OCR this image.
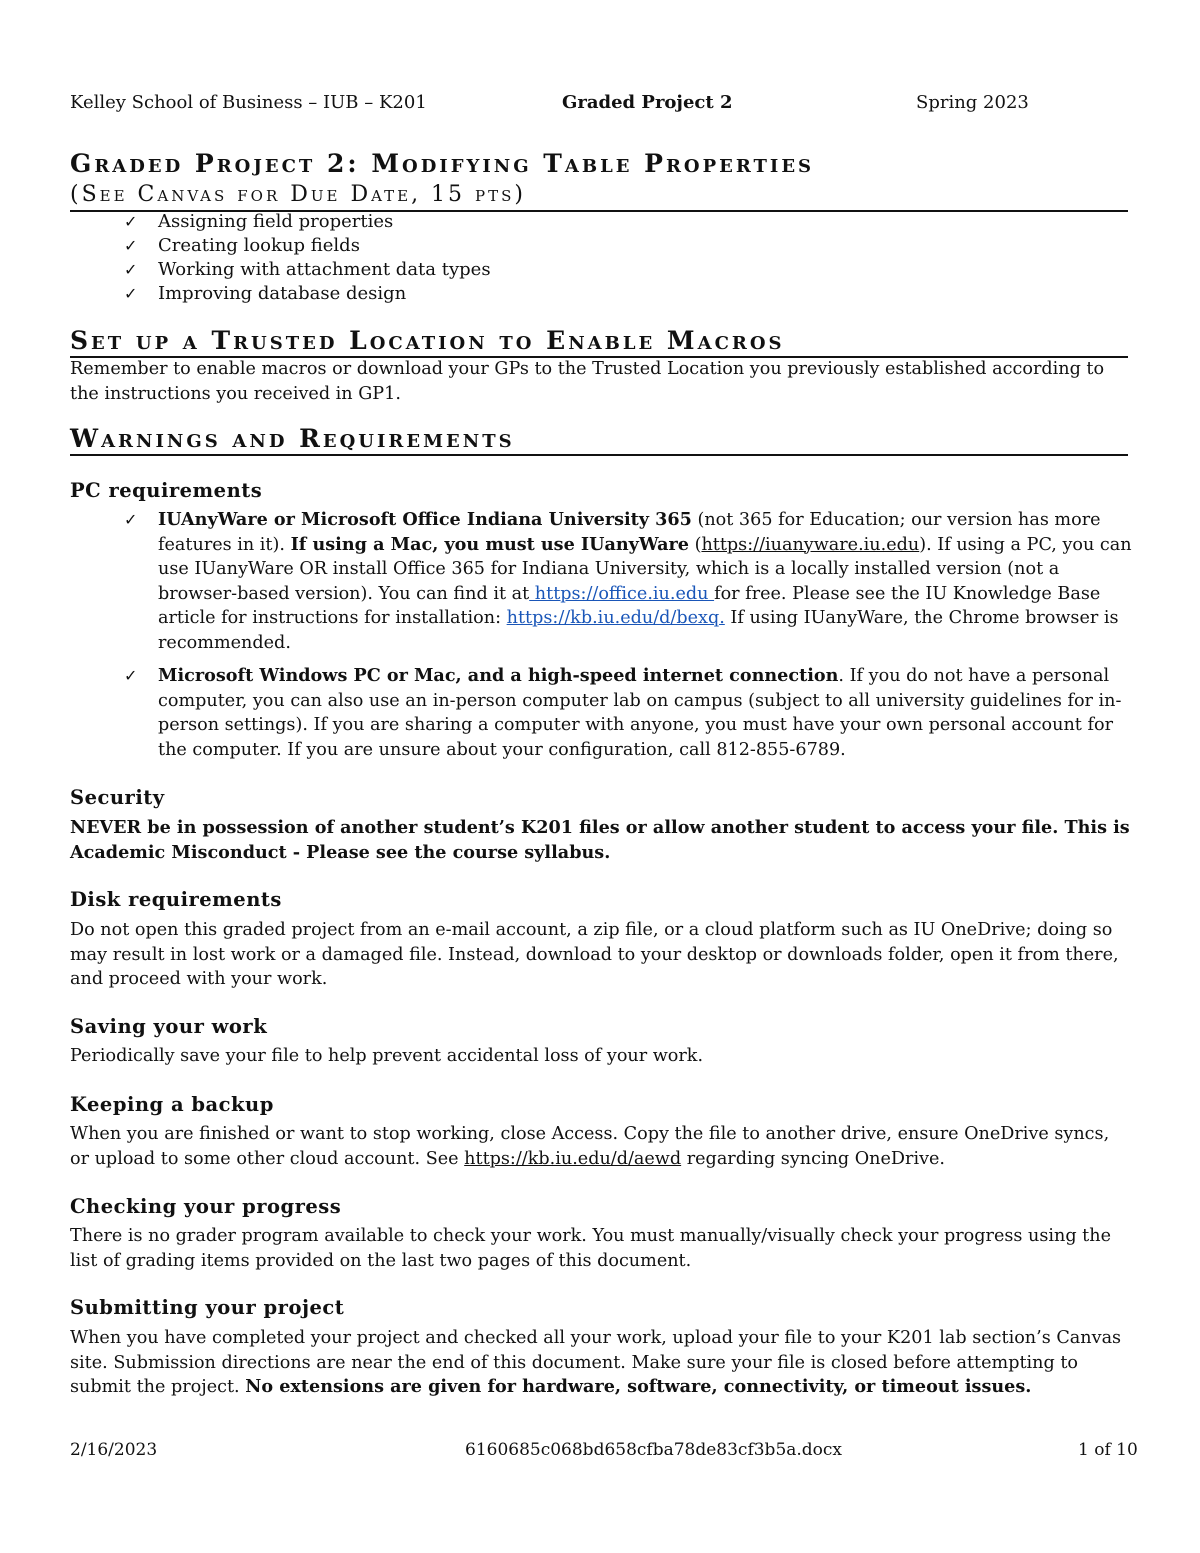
Kelley School of Business – IUB – K201	Graded Project 2	Spring 2023
Graded Project 2: Modifying Table Properties
(See Canvas for Due Date, 15 pts)
✓ Assigning field properties
✓ Creating lookup fields
✓ Working with attachment data types
✓ Improving database design
Set up a Trusted Location to Enable Macros
Remember to enable macros or download your GPs to the Trusted Location you previously established according to the instructions you received in GP1.
Warnings and Requirements
PC requirements
✓	IUAnyWare or Microsoft Office Indiana University 365 (not 365 for Education; our version has more features in it). If using a Mac, you must use IUanyWare (https://iuanyware.iu.edu). If using a PC, you can use IUanyWare OR install Office 365 for Indiana University, which is a locally installed version (not a browser-based version). You can find it at https://office.iu.edu for free. Please see the IU Knowledge Base article for instructions for installation: https://kb.iu.edu/d/bexq. If using IUanyWare, the Chrome browser is recommended.
✓	Microsoft Windows PC or Mac, and a high-speed internet connection. If you do not have a personal computer, you can also use an in-person computer lab on campus (subject to all university guidelines for in-person settings). If you are sharing a computer with anyone, you must have your own personal account for the computer. If you are unsure about your configuration, call 812-855-6789.
Security
NEVER be in possession of another student’s K201 files or allow another student to access your file. This is Academic Misconduct - Please see the course syllabus.
Disk requirements
Do not open this graded project from an e-mail account, a zip file, or a cloud platform such as IU OneDrive; doing so may result in lost work or a damaged file. Instead, download to your desktop or downloads folder, open it from there, and proceed with your work.
Saving your work
Periodically save your file to help prevent accidental loss of your work.
Keeping a backup
When you are finished or want to stop working, close Access. Copy the file to another drive, ensure OneDrive syncs, or upload to some other cloud account. See https://kb.iu.edu/d/aewd regarding syncing OneDrive.
Checking your progress
There is no grader program available to check your work. You must manually/visually check your progress using the list of grading items provided on the last two pages of this document.
Submitting your project
When you have completed your project and checked all your work, upload your file to your K201 lab section’s Canvas site. Submission directions are near the end of this document. Make sure your file is closed before attempting to submit the project. No extensions are given for hardware, software, connectivity, or timeout issues.
2/16/2023	6160685c068bd658cfba78de83cf3b5a.docx	1 of 10
